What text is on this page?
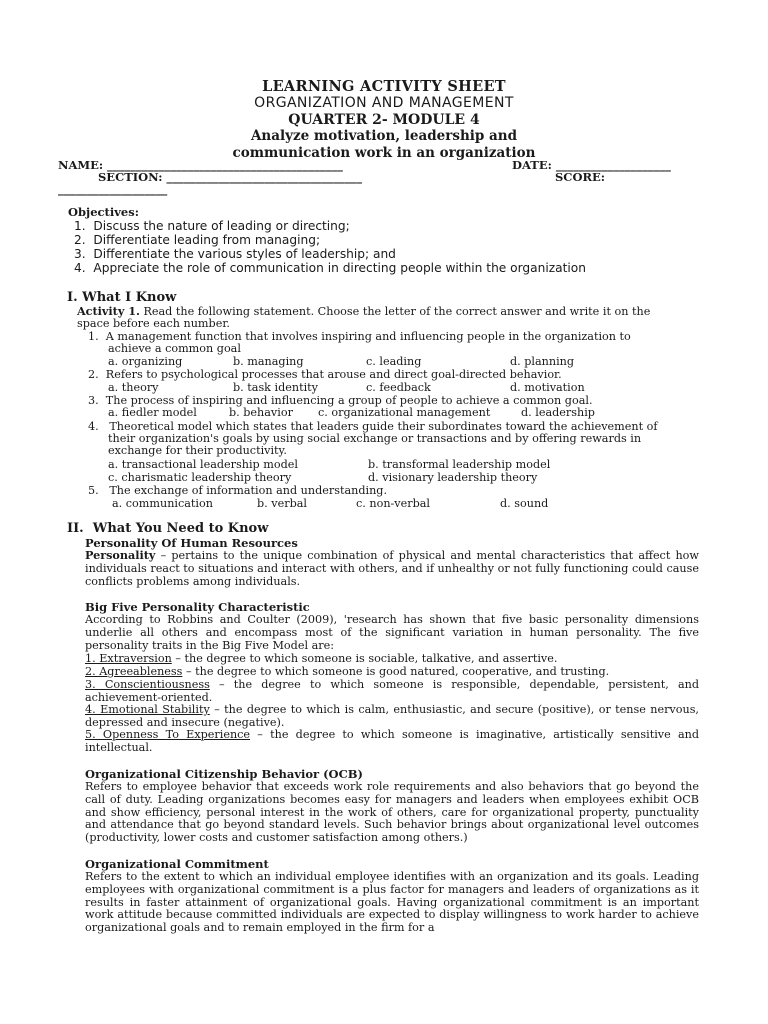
LEARNING ACTIVITY SHEET
ORGANIZATION AND MANAGEMENT
QUARTER 2- MODULE 4
Analyze motivation, leadership and
communication work in an organization
NAME: _________________________________________	DATE: ____________________
SECTION: __________________________________	SCORE:
___________________
Objectives:
1.  Discuss the nature of leading or directing;
2.  Differentiate leading from managing;
3.  Differentiate the various styles of leadership; and
4.  Appreciate the role of communication in directing people within the organization
I. What I Know
Activity 1. Read the following statement. Choose the letter of the correct answer and write it on the
space before each number.
1.  A management function that involves inspiring and influencing people in the organization to
achieve a common goal
a. organizing	b. managing	c. leading	d. planning
2.  Refers to psychological processes that arouse and direct goal-directed behavior.
a. theory	b. task identity	c. feedback	d. motivation
3.  The process of inspiring and influencing a group of people to achieve a common goal.
a. fiedler model	b. behavior c. organizational management	d. leadership
4.   Theoretical model which states that leaders guide their subordinates toward the achievement of
their organization's goals by using social exchange or transactions and by offering rewards in
exchange for their productivity.
a. transactional leadership model	b. transformal leadership model
c. charismatic leadership theory	d. visionary leadership theory
5.   The exchange of information and understanding.
a. communication	b. verbal	c. non-verbal	d. sound
II.  What You Need to Know
Personality Of Human Resources
Personality – pertains to the unique combination of physical and mental characteristics that affect how individuals react to situations and interact with others, and if unhealthy or not fully functioning could cause conflicts problems among individuals.
Big Five Personality Characteristic
According to Robbins and Coulter (2009), 'research has shown that five basic personality dimensions underlie all others and encompass most of the significant variation in human personality. The five personality traits in the Big Five Model are:
1. Extraversion – the degree to which someone is sociable, talkative, and assertive.
2. Agreeableness – the degree to which someone is good natured, cooperative, and trusting.
3. Conscientiousness – the degree to which someone is responsible, dependable, persistent, and achievement-oriented.
4. Emotional Stability – the degree to which is calm, enthusiastic, and secure (positive), or tense nervous, depressed and insecure (negative).
5. Openness To Experience – the degree to which someone is imaginative, artistically sensitive and intellectual.
Organizational Citizenship Behavior (OCB)
Refers to employee behavior that exceeds work role requirements and also behaviors that go beyond the call of duty. Leading organizations becomes easy for managers and leaders when employees exhibit OCB and show efficiency, personal interest in the work of others, care for organizational property, punctuality and attendance that go beyond standard levels. Such behavior brings about organizational level outcomes (productivity, lower costs and customer satisfaction among others.)
Organizational Commitment
Refers to the extent to which an individual employee identifies with an organization and its goals. Leading employees with organizational commitment is a plus factor for managers and leaders of organizations as it results in faster attainment of organizational goals. Having organizational commitment is an important work attitude because committed individuals are expected to display willingness to work harder to achieve organizational goals and to remain employed in the firm for a
